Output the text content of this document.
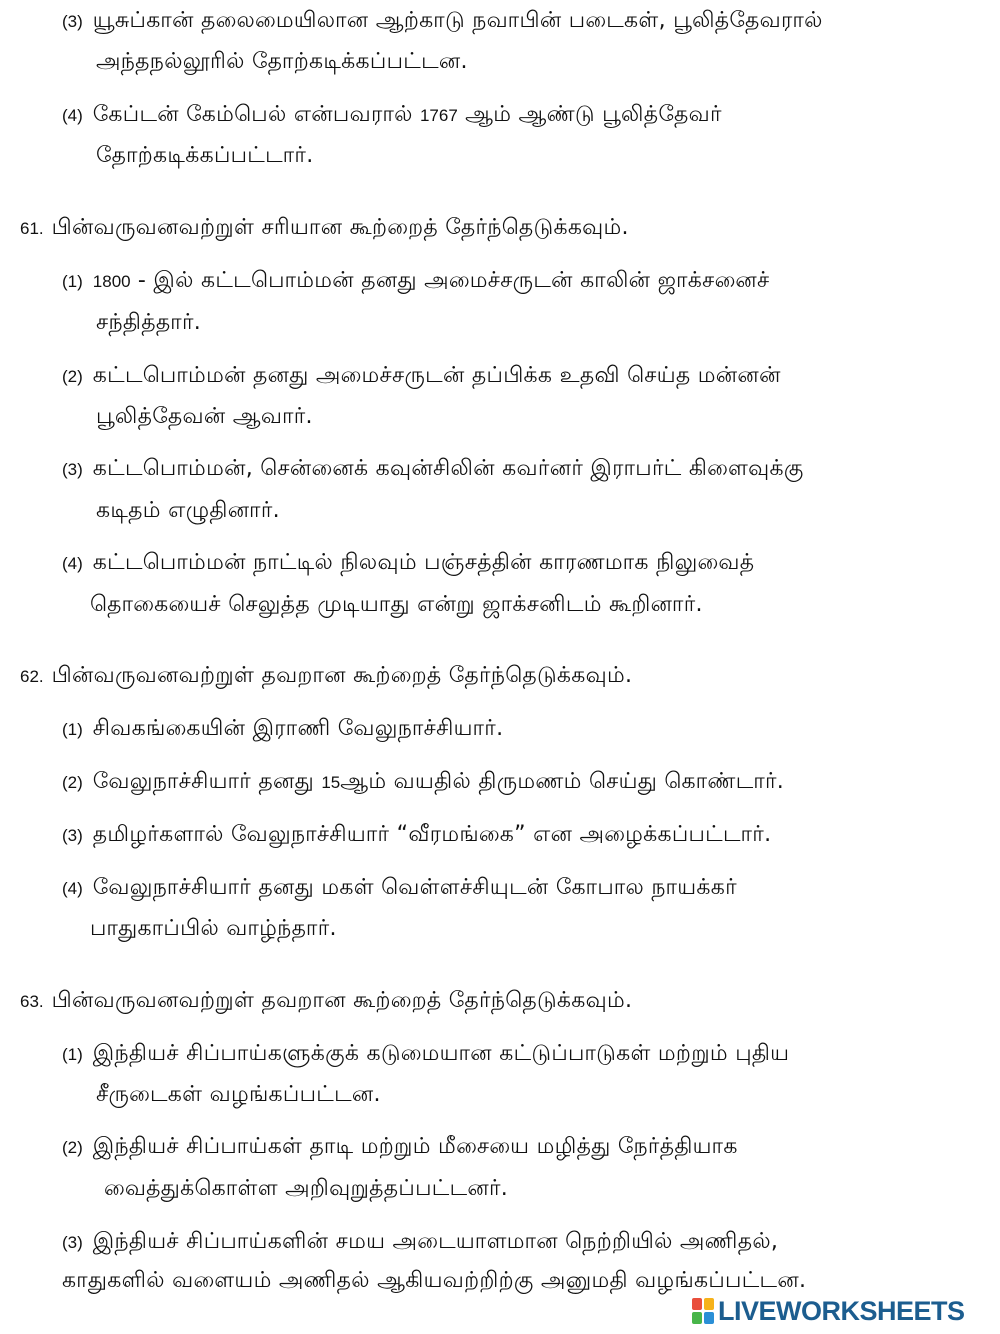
(3) யூசுப்கான் தலைமையிலான ஆற்காடு நவாபின் படைகள், பூலித்தேவரால்
அந்தநல்லூரில் தோற்கடிக்கப்பட்டன.
(4) கேப்டன் கேம்பெல் என்பவரால் 1767 ஆம் ஆண்டு பூலித்தேவர்
தோற்கடிக்கப்பட்டார்.
61. பின்வருவனவற்றுள் சரியான கூற்றைத் தேர்ந்தெடுக்கவும்.
(1) 1800 - இல் கட்டபொம்மன் தனது அமைச்சருடன் காலின் ஜாக்சனைச்
சந்தித்தார்.
(2) கட்டபொம்மன் தனது அமைச்சருடன் தப்பிக்க உதவி செய்த மன்னன்
பூலித்தேவன் ஆவார்.
(3) கட்டபொம்மன், சென்னைக் கவுன்சிலின் கவர்னர் இராபர்ட் கிளைவுக்கு
கடிதம் எழுதினார்.
(4) கட்டபொம்மன் நாட்டில் நிலவும் பஞ்சத்தின் காரணமாக நிலுவைத்
தொகையைச் செலுத்த முடியாது என்று ஜாக்சனிடம் கூறினார்.
62. பின்வருவனவற்றுள் தவறான கூற்றைத் தேர்ந்தெடுக்கவும்.
(1) சிவகங்கையின் இராணி வேலுநாச்சியார்.
(2) வேலுநாச்சியார் தனது 15ஆம் வயதில் திருமணம் செய்து கொண்டார்.
(3) தமிழர்களால் வேலுநாச்சியார் “வீரமங்கை” என அழைக்கப்பட்டார்.
(4) வேலுநாச்சியார் தனது மகள் வெள்ளச்சியுடன் கோபால நாயக்கர்
பாதுகாப்பில் வாழ்ந்தார்.
63. பின்வருவனவற்றுள் தவறான கூற்றைத் தேர்ந்தெடுக்கவும்.
(1) இந்தியச் சிப்பாய்களுக்குக் கடுமையான கட்டுப்பாடுகள் மற்றும் புதிய
சீருடைகள் வழங்கப்பட்டன.
(2) இந்தியச் சிப்பாய்கள் தாடி மற்றும் மீசையை மழித்து நேர்த்தியாக
வைத்துக்கொள்ள அறிவுறுத்தப்பட்டனர்.
(3) இந்தியச் சிப்பாய்களின் சமய அடையாளமான நெற்றியில் அணிதல்,
காதுகளில் வளையம் அணிதல் ஆகியவற்றிற்கு அனுமதி வழங்கப்பட்டன.
LIVEWORKSHEETS
